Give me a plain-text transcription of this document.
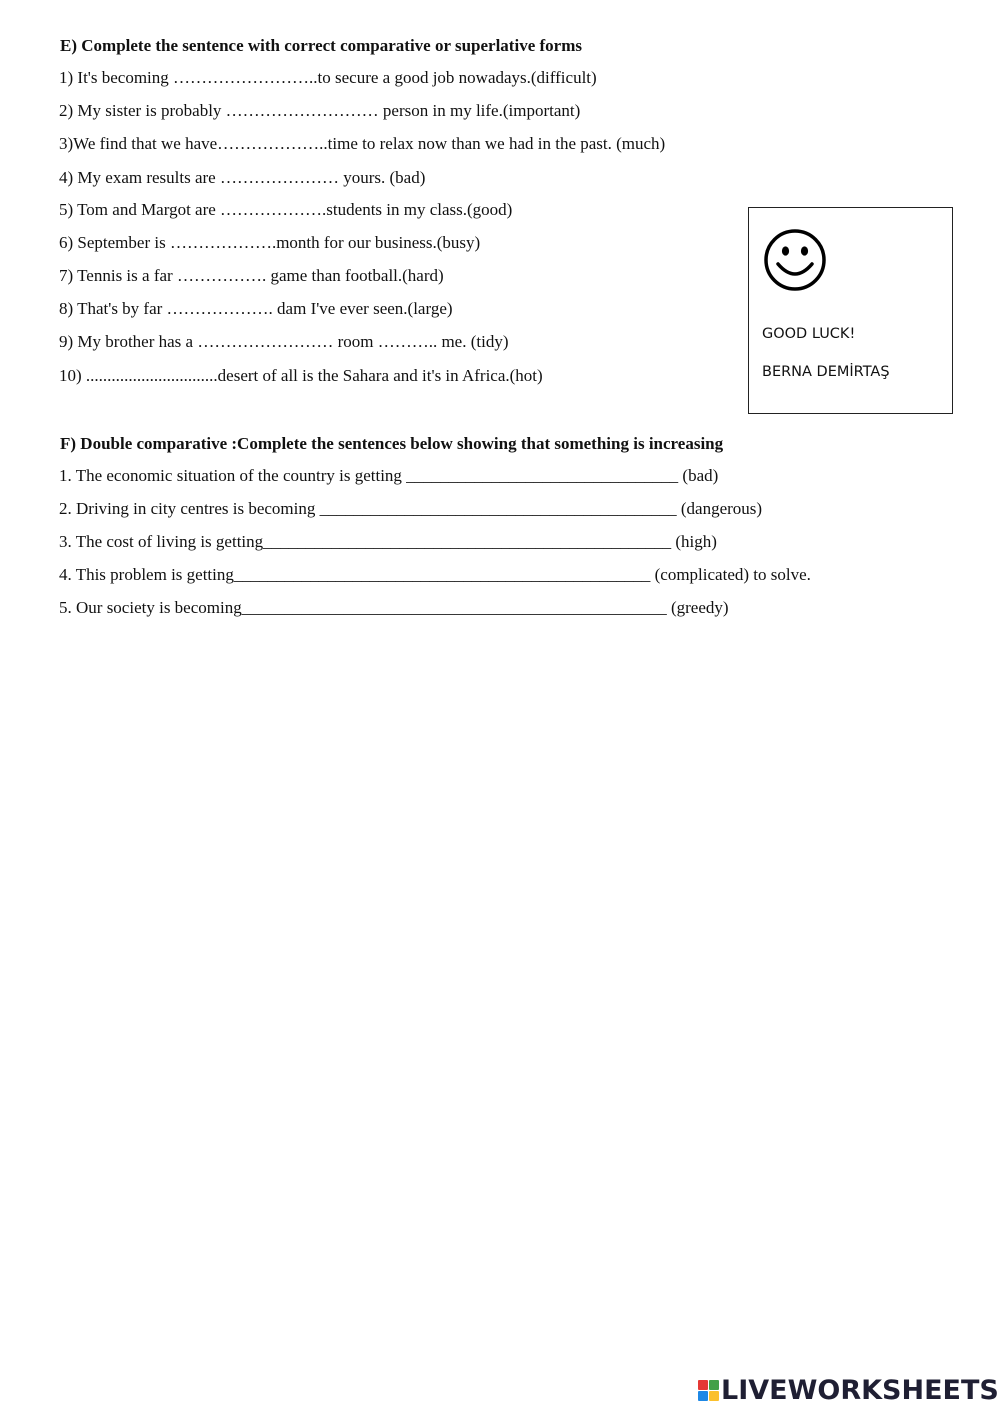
E) Complete the sentence with correct comparative or superlative forms
1) It's becoming ……………………..to secure a good job nowadays.(difficult)
2) My sister is probably ……………………… person in my life.(important)
3)We find that we have………………..time to relax now than we had in the past. (much)
4) My exam results are ………………… yours. (bad)
5) Tom and Margot are ……………….students in my class.(good)
6) September is ……………….month for our business.(busy)
7) Tennis is a far ……………. game than football.(hard)
8) That's by far ………………. dam I've ever seen.(large)
9) My brother has a …………………… room ……….. me. (tidy)
10) ...............................desert of all is the Sahara and it's in Africa.(hot)
GOOD LUCK!
BERNA DEMİRTAŞ
F) Double comparative :Complete the sentences below showing that something is increasing
1. The economic situation of the country is getting ________________________________ (bad)
2. Driving in city centres is becoming __________________________________________ (dangerous)
3. The cost of living is getting________________________________________________ (high)
4. This problem is getting_________________________________________________ (complicated) to solve.
5. Our society is becoming__________________________________________________ (greedy)
LIVEWORKSHEETS
